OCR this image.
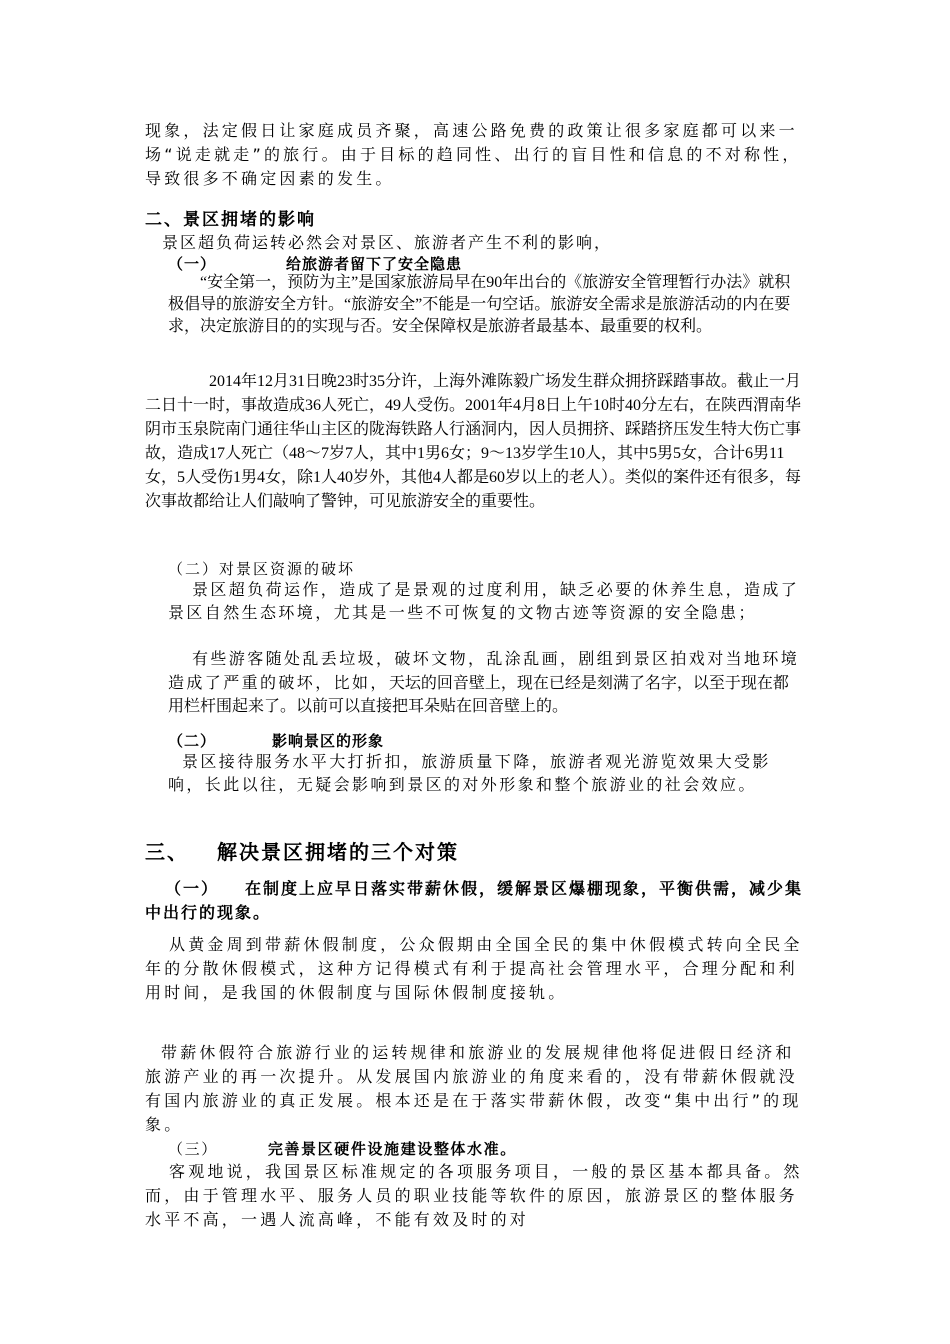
现象，法定假日让家庭成员齐聚，高速公路免费的政策让很多家庭都可以来一场“说走就走”的旅行。由于目标的趋同性、出行的盲目性和信息的不对称性，导致很多不确定因素的发生。

二、景区拥堵的影响

景区超负荷运转必然会对景区、旅游者产生不利的影响，

（一）	给旅游者留下了安全隐患

“安全第一，预防为主”是国家旅游局早在90年出台的《旅游安全管理暂行办法》就积极倡导的旅游安全方针。“旅游安全”不能是一句空话。旅游安全需求是旅游活动的内在要求，决定旅游目的的实现与否。安全保障权是旅游者最基本、最重要的权利。

2014年12月31日晚23时35分许，上海外滩陈毅广场发生群众拥挤踩踏事故。截止一月二日十一时，事故造成36人死亡，49人受伤。2001年4月8日上午10时40分左右，在陕西渭南华阴市玉泉院南门通往华山主区的陇海铁路人行涵洞内，因人员拥挤、踩踏挤压发生特大伤亡事故，造成17人死亡（48～7岁7人，其中1男6女；9～13岁学生10人，其中5男5女，合计6男11女，5人受伤1男4女，除1人40岁外，其他4人都是60岁以上的老人）。类似的案件还有很多，每次事故都给让人们敲响了警钟，可见旅游安全的重要性。

（二）对景区资源的破坏

景区超负荷运作，造成了是景观的过度利用，缺乏必要的休养生息，造成了景区自然生态环境，尤其是一些不可恢复的文物古迹等资源的安全隐患；

有些游客随处乱丢垃圾，破坏文物，乱涂乱画，剧组到景区拍戏对当地环境造成了严重的破坏，比如，天坛的回音壁上，现在已经是刻满了名字，以至于现在都用栏杆围起来了。以前可以直接把耳朵贴在回音壁上的。

（二）	影响景区的形象

景区接待服务水平大打折扣，旅游质量下降，旅游者观光游览效果大受影响，长此以往，无疑会影响到景区的对外形象和整个旅游业的社会效应。

三、 解决景区拥堵的三个对策

（一） 在制度上应早日落实带薪休假，缓解景区爆棚现象，平衡供需，减少集中出行的现象。

从黄金周到带薪休假制度，公众假期由全国全民的集中休假模式转向全民全年的分散休假模式，这种方记得模式有利于提高社会管理水平，合理分配和利用时间，是我国的休假制度与国际休假制度接轨。

带薪休假符合旅游行业的运转规律和旅游业的发展规律他将促进假日经济和旅游产业的再一次提升。从发展国内旅游业的角度来看的，没有带薪休假就没有国内旅游业的真正发展。根本还是在于落实带薪休假，改变“集中出行”的现象。

（三）	完善景区硬件设施建设整体水准。

客观地说，我国景区标准规定的各项服务项目，一般的景区基本都具备。然而，由于管理水平、服务人员的职业技能等软件的原因，旅游景区的整体服务水平不高，一遇人流高峰，不能有效及时的对
